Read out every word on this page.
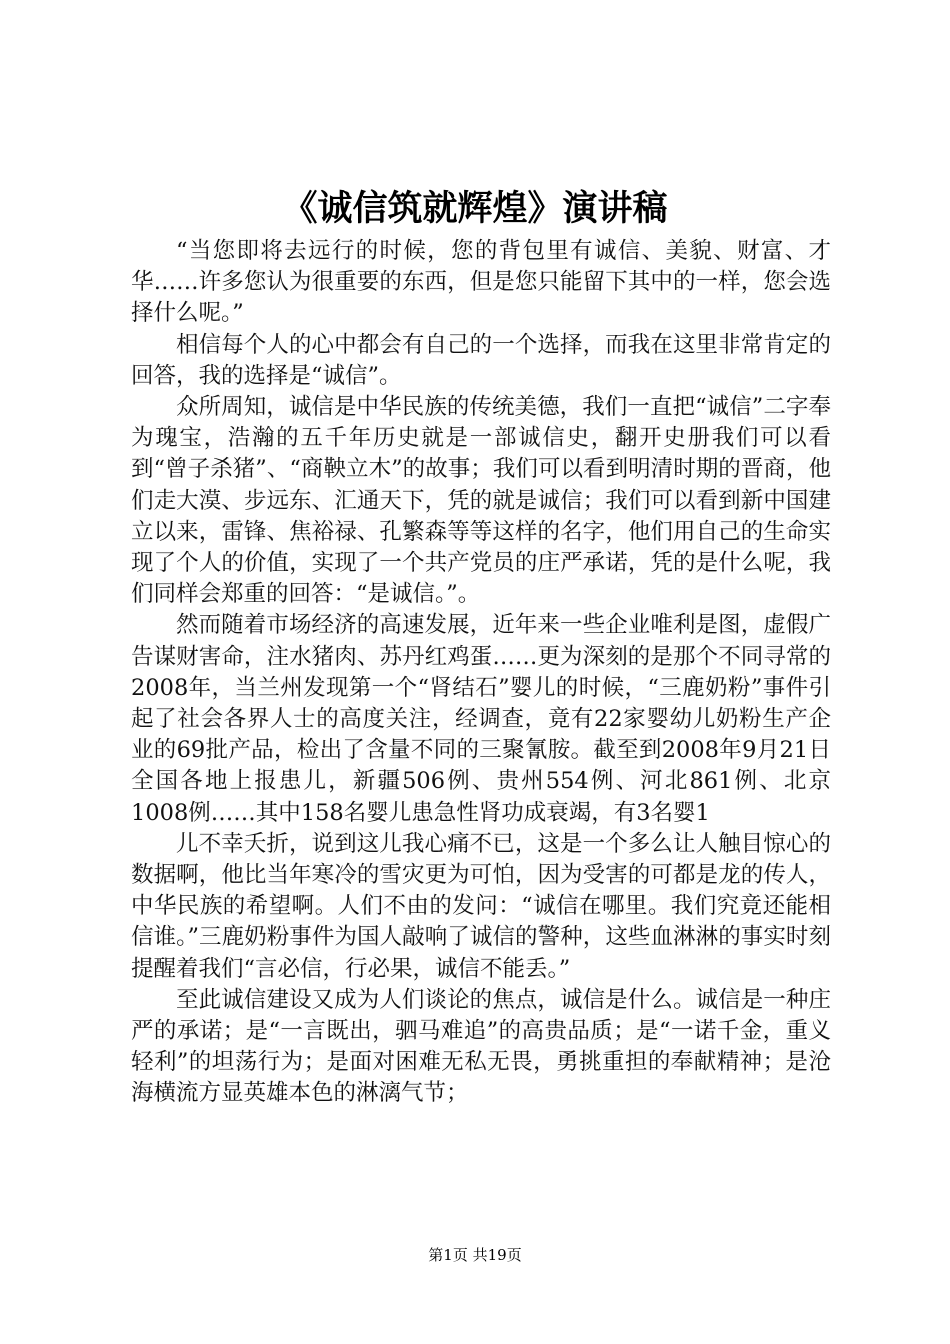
《诚信筑就辉煌》演讲稿

“当您即将去远行的时候，您的背包里有诚信、美貌、财富、才华……许多您认为很重要的东西，但是您只能留下其中的一样，您会选择什么呢。”

相信每个人的心中都会有自己的一个选择，而我在这里非常肯定的回答，我的选择是“诚信”。

众所周知，诚信是中华民族的传统美德，我们一直把“诚信”二字奉为瑰宝，浩瀚的五千年历史就是一部诚信史，翻开史册我们可以看到“曾子杀猪”、“商鞅立木”的故事；我们可以看到明清时期的晋商，他们走大漠、步远东、汇通天下，凭的就是诚信；我们可以看到新中国建立以来，雷锋、焦裕禄、孔繁森等等这样的名字，他们用自己的生命实现了个人的价值，实现了一个共产党员的庄严承诺，凭的是什么呢，我们同样会郑重的回答：“是诚信。”。

然而随着市场经济的高速发展，近年来一些企业唯利是图，虚假广告谋财害命，注水猪肉、苏丹红鸡蛋……更为深刻的是那个不同寻常的2008年，当兰州发现第一个“肾结石”婴儿的时候，“三鹿奶粉”事件引起了社会各界人士的高度关注，经调查，竟有22家婴幼儿奶粉生产企业的69批产品，检出了含量不同的三聚氰胺。截至到2008年9月21日全国各地上报患儿，新疆506例、贵州554例、河北861例、北京1008例……其中158名婴儿患急性肾功成衰竭，有3名婴1

儿不幸夭折，说到这儿我心痛不已，这是一个多么让人触目惊心的数据啊，他比当年寒冷的雪灾更为可怕，因为受害的可都是龙的传人，中华民族的希望啊。人们不由的发问：“诚信在哪里。我们究竟还能相信谁。”三鹿奶粉事件为国人敲响了诚信的警种，这些血淋淋的事实时刻提醒着我们“言必信，行必果，诚信不能丢。”

至此诚信建设又成为人们谈论的焦点，诚信是什么。诚信是一种庄严的承诺；是“一言既出，驷马难追”的高贵品质；是“一诺千金，重义轻利”的坦荡行为；是面对困难无私无畏，勇挑重担的奉献精神；是沧海横流方显英雄本色的淋漓气节；

第1页 共19页
